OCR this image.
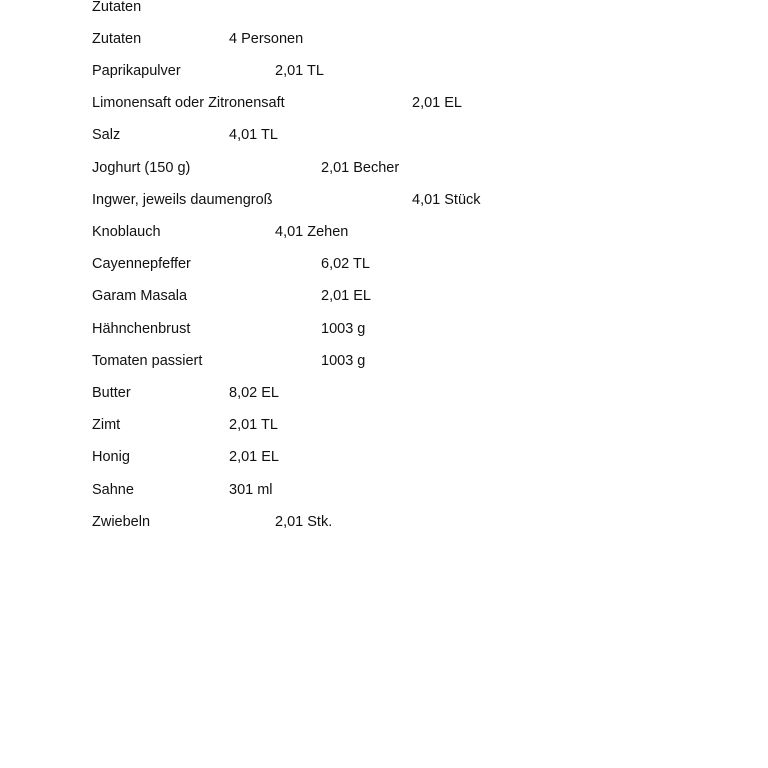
Zutaten
Zutaten	4 Personen
Paprikapulver	2,01 TL
Limonensaft oder Zitronensaft	2,01 EL
Salz	4,01 TL
Joghurt (150 g)	2,01 Becher
Ingwer, jeweils daumengroß	4,01 Stück
Knoblauch	4,01 Zehen
Cayennepfeffer	6,02 TL
Garam Masala	2,01 EL
Hähnchenbrust	1003 g
Tomaten passiert	1003 g
Butter	8,02 EL
Zimt	2,01 TL
Honig	2,01 EL
Sahne	301 ml
Zwiebeln	2,01 Stk.
